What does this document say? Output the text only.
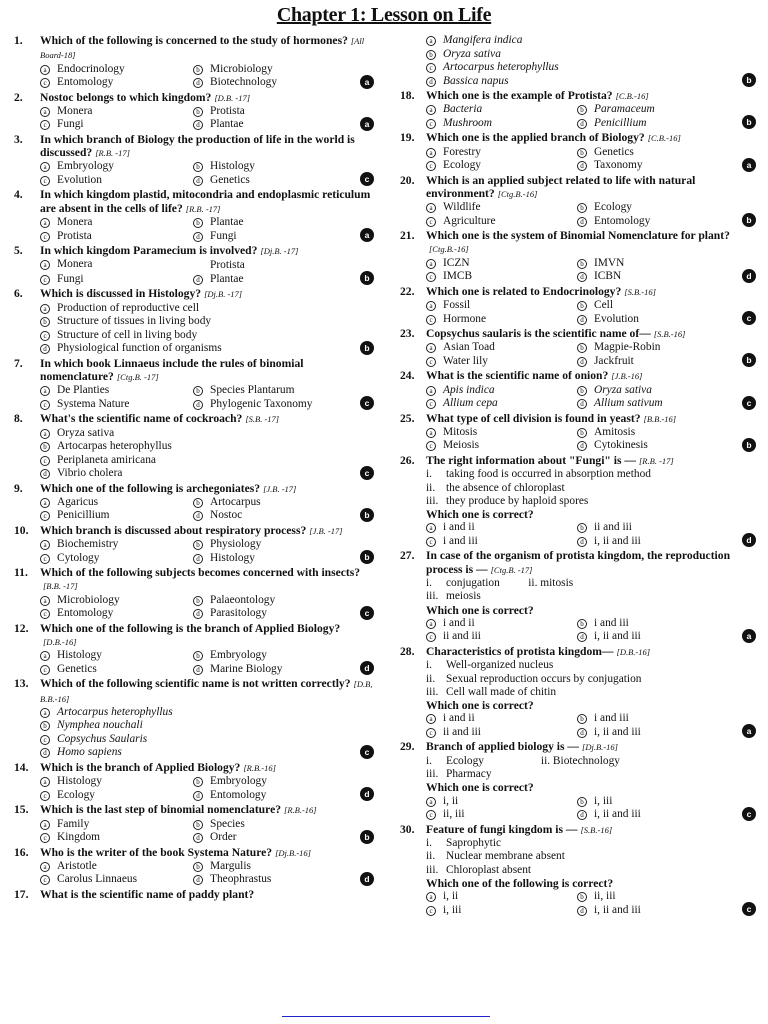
Chapter 1: Lesson on Life
1.	Which of the following is concerned to the study of hormones? [All Board-18]
a Endocrinology	b Microbiology
c Entomology	d Biotechnology	a
2.	Nostoc belongs to which kingdom? [D.B. -17]
a Monera	b Protista
c Fungi	d Plantae	a
3.	In which branch of Biology the production of life in the world is discussed? [R.B. -17]
a Embryology	b Histology
c Evolution	d Genetics	c
4.	In which kingdom plastid, mitocondria and endoplasmic reticulum are absent in the cells of life? [R.B. -17]
a Monera	b Plantae
c Protista	d Fungi	a
5.	In which kingdom Paramecium is involved? [Dj.B. -17]
a Monera	Protista
c Fungi	d Plantae	b
6.	Which is discussed in Histology? [Dj.B. -17]
a Production of reproductive cell
b Structure of tissues in living body
c Structure of cell in living body
d Physiological function of organisms	b
7.	In which book Linnaeus include the rules of binomial nomenclature? [Ctg.B. -17]
a De Planties	b Species Plantarum
c Systema Nature	d Phylogenic Taxonomy	c
8.	What's the scientific name of cockroach? [S.B. -17]
a Oryza sativa
b Artocarpas heterophyllus
c Periplaneta amiricana
d Vibrio cholera	c
9.	Which one of the following is archegoniates? [J.B. -17]
a Agaricus	b Artocarpus
c Penicillium	d Nostoc	b
10. Which branch is discussed about respiratory process? [J.B. -17]
a Biochemistry	b Physiology
c Cytology	d Histology	b
11.	Which of the following subjects becomes concerned with insects?[B.B. -17]
a Microbiology	b Palaeontology
c Entomology	d Parasitology	c
12. Which one of the following is the branch of Applied Biology?[D.B.-16]
a Histology	b Embryology
c Genetics	d Marine Biology	d
13. Which of the following scientific name is not written correctly? [D.B, B.B.-16]
a Artocarpus heterophyllus
b Nymphea nouchali
c Copsychus Saularis
d Homo sapiens	c
14. Which is the branch of Applied Biology? [R.B.-16]
a Histology	b Embryology
c Ecology	d Entomology	d
15. Which is the last step of binomial nomenclature? [R.B.-16]
a Family	b Species
c Kingdom	d Order	b
16. Who is the writer of the book Systema Nature? [Dj.B.-16]
a Aristotle	b Margulis
c Carolus Linnaeus	d Theophrastus	d
17. What is the scientific name of paddy plant?
a Mangifera indica
b Oryza sativa
c Artocarpus heterophyllus
d Bassica napus	b
18. Which one is the example of Protista? [C.B.-16]
a Bacteria	b Paramaceum
c Mushroom	d Penicillium	b
19. Which one is the applied branch of Biology? [C.B.-16]
a Forestry	b Genetics
c Ecology	d Taxonomy	a
20. Which is an applied subject related to life with natural environment? [Ctg.B.-16]
a Wildlife	b Ecology
c Agriculture	d Entomology	b
21. Which one is the system of Binomial Nomenclature for plant?[Ctg.B.-16]
a ICZN	b IMVN
c IMCB	d ICBN	d
22. Which one is related to Endocrinology? [S.B.-16]
a Fossil	b Cell
c Hormone	d Evolution	c
23. Copsychus saularis is the scientific name of— [S.B.-16]
a Asian Toad	b Magpie-Robin
c Water lily	d Jackfruit	b
24. What is the scientific name of onion? [J.B.-16]
a Apis indica	b Oryza sativa
c Allium cepa	d Allium sativum	c
25. What type of cell division is found in yeast? [B.B.-16]
a Mitosis	b Amitosis
c Meiosis	d Cytokinesis	b
26. The right information about "Fungi" is — [R.B. -17]
i.	taking food is occurred in absorption method
ii. the absence of chloroplast
iii. they produce by haploid spores
Which one is correct?
a i and ii	b ii and iii
c i and iii	d i, ii and iii	d
27. In case of the organism of protista kingdom, the reproduction process is — [Ctg.B. -17]
i.	conjugation          ii. mitosis
iii. meiosis
Which one is correct?
a i and ii	b i and iii
c ii and iii	d i, ii and iii	a
28. Characteristics of protista kingdom— [D.B.-16]
i.	Well-organized nucleus
ii. Sexual reproduction occurs by conjugation
iii. Cell wall made of chitin
Which one is correct?
a i and ii	b i and iii
c ii and iii	d i, ii and iii	a
29. Branch of applied biology is — [Dj.B.-16]
i.	Ecology                    ii. Biotechnology
iii. Pharmacy
Which one is correct?
a i, ii	b i, iii
c ii, iii	d i, ii and iii	c
30. Feature of fungi kingdom is — [S.B.-16]
i.	Saprophytic
ii. Nuclear membrane absent
iii. Chloroplast absent
Which one of the following is correct?
a i, ii	b ii, iii
c i, iii	d i, ii and iii	c
